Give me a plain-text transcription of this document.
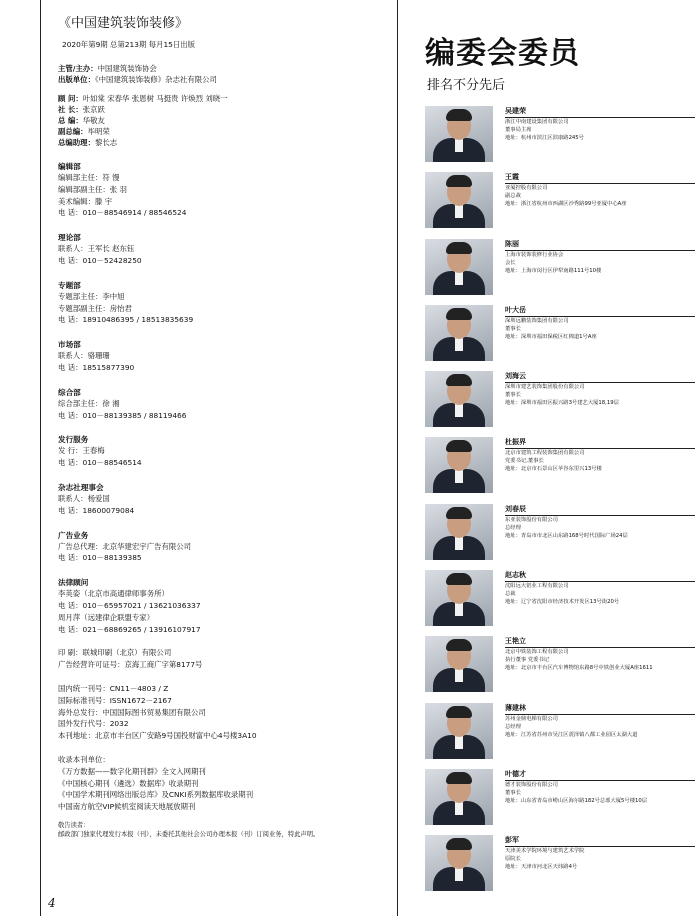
《中国建筑装饰装修》
2020年第9期 总第213期 每月15日出版
主管/主办：中国建筑装饰协会
出版单位：《中国建筑装饰装修》杂志社有限公司
顾 问：叶如棠 宋春华 张恩树 马挺贵 许焕烈 刘晓一
社 长：张京跃
总 编：华敬友
副总编：毕明荣
总编助理：黎长志
编辑部
编辑部主任：符 馒
编辑部副主任：张 羽
美术编辑：滕 宇
电 话：010－88546914 / 88546524
理论部
联系人：王军长 赵东钰
电 话：010－52428250
专题部
专题部主任：李中旭
专题部副主任：房怡君
电 话：18910486395 / 18513835639
市场部
联系人：骆珊珊
电 话：18515877390
综合部
综合部主任：徐 湘
电 话：010－88139385 / 88119466
发行服务
发 行：王春梅
电 话：010－88546514
杂志社理事会
联系人：杨爱国
电 话：18600079084
广告业务
广告总代理：北京华建宏宇广告有限公司
电 话：010－88139385
法律顾问
李英姿（北京市高通律师事务所）
电 话：010－65957021 / 13621036337
周月萍（远建律企联盟专家）
电 话：021－68869265 / 13916107917
印 刷：联城印刷（北京）有限公司
广告经营许可证号：京海工商广字第8177号
国内统一刊号：CN11－4803 / Z
国际标准刊号：ISSN1672－2167
海外总发行：中国国际图书贸易集团有限公司
国外发行代号：2032
本刊地址：北京市丰台区广安路9号国投财富中心4号楼3A10
收录本刊单位：
《万方数据——数字化期刊群》全文入网期刊
《中国核心期刊（遴选）数据库》收录期刊
《中国学术期刊网络出版总库》及CNKI系列数据库收录期刊
中国南方航空VIP候机室阅读天地展放期刊
敬告读者：
邮政部门独家代理发行本报（刊），未委托其他社会公司办理本报（刊）订阅业务，特此声明。
4
编委会委员
排名不分先后
吴建荣
浙江中南建设集团有限公司
董事局主席
地址：杭州市滨江区滨康路245号
王霞
亚厦控股有限公司
副总裁
地址：浙江省杭州市西湖区沙秀路99号亚厦中心A座
陈丽
上海市装饰装修行业协会
会长
地址：上海市闵行区伊犁南路111号10楼
叶大岳
深圳远鹏装饰集团有限公司
董事长
地址：深圳市福田保税区红棉道1号A座
刘海云
深圳市建艺装饰集团股份有限公司
董事长
地址：深圳市福田区振兴路3号建艺大厦18,19层
杜振界
北京市建筑工程装饰集团有限公司
党委书记,董事长
地址：北京市石景山区苹谷东里兴13号楼
刘春辰
东亚装饰股份有限公司
总经理
地址：青岛市市北区山东路168号时代国际广场24层
赵志秋
沈阳远大铝业工程有限公司
总裁
地址：辽宁省沈阳市经济技术开发区13号街20号
王艳立
北京中铁装饰工程有限公司
执行董事 党委书记
地址：北京市丰台区汽车博物馆东路8号中铁创业大厦A座1611
薄建林
苏州金鼎电梯有限公司
总经理
地址：江苏省苏州市吴江区震泽镇八都工业园区太湖大道
叶德才
德才装饰股份有限公司
董事长
地址：山东省青岛市崂山区海尔路182号总部大厦5号楼10层
彭军
天津美术学院环境与建筑艺术学院
原院长
地址：天津市河北区天纬路4号
